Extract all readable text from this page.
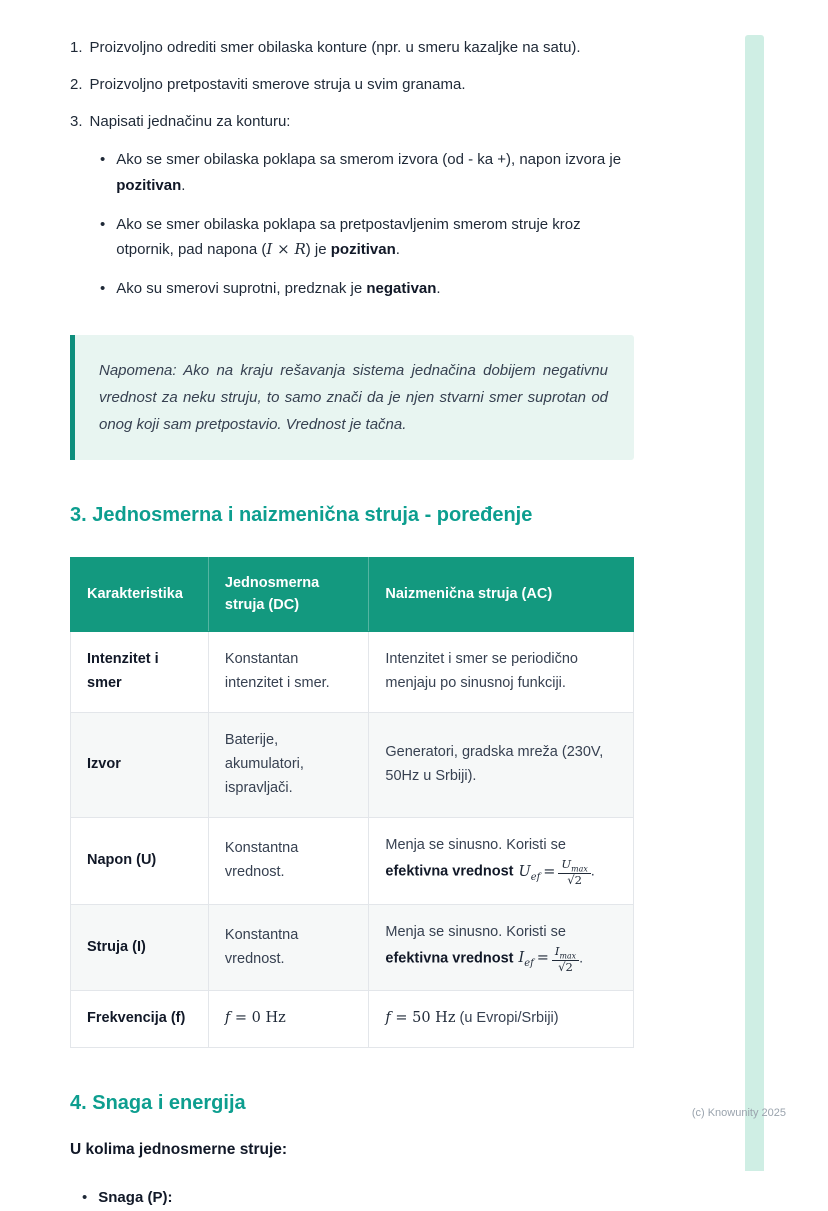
1. Proizvoljno odrediti smer obilaska konture (npr. u smeru kazaljke na satu).
2. Proizvoljno pretpostaviti smerove struja u svim granama.
3. Napisati jednačinu za konturu:
•
Ako se smer obilaska poklapa sa smerom izvora (od - ka +), napon izvora je pozitivan.
•
Ako se smer obilaska poklapa sa pretpostavljenim smerom struje kroz otpornik, pad napona (I × R) je pozitivan.
•
Ako su smerovi suprotni, predznak je negativan.
Napomena: Ako na kraju rešavanja sistema jednačina dobijem negativnu vrednost za neku struju, to samo znači da je njen stvarni smer suprotan od onog koji sam pretpostavio. Vrednost je tačna.
3. Jednosmerna i naizmenična struja - poređenje
Karakteristika	Jednosmerna struja (DC)	Naizmenična struja (AC)
Intenzitet i smer	Konstantan intenzitet i smer.	Intenzitet i smer se periodično menjaju po sinusnoj funkciji.
Izvor	Baterije, akumulatori, ispravljači.	Generatori, gradska mreža (230V, 50Hz u Srbiji).
Napon (U)	Konstantna vrednost.	Menja se sinusno. Koristi se efektivna vrednost $U_{ef} = \frac{U_{max}}{√2}$ .
Struja (I)	Konstantna vrednost.	Menja se sinusno. Koristi se efektivna vrednost $I_{ef} = \frac{I_{max}}{√2}$ .
Frekvencija (f)	f = 0 Hz	f = 50 Hz (u Evropi/Srbiji)
4. Snaga i energija

U kolima jednosmerne struje:

•
Snaga (P):
(c) Knowunity 2025
